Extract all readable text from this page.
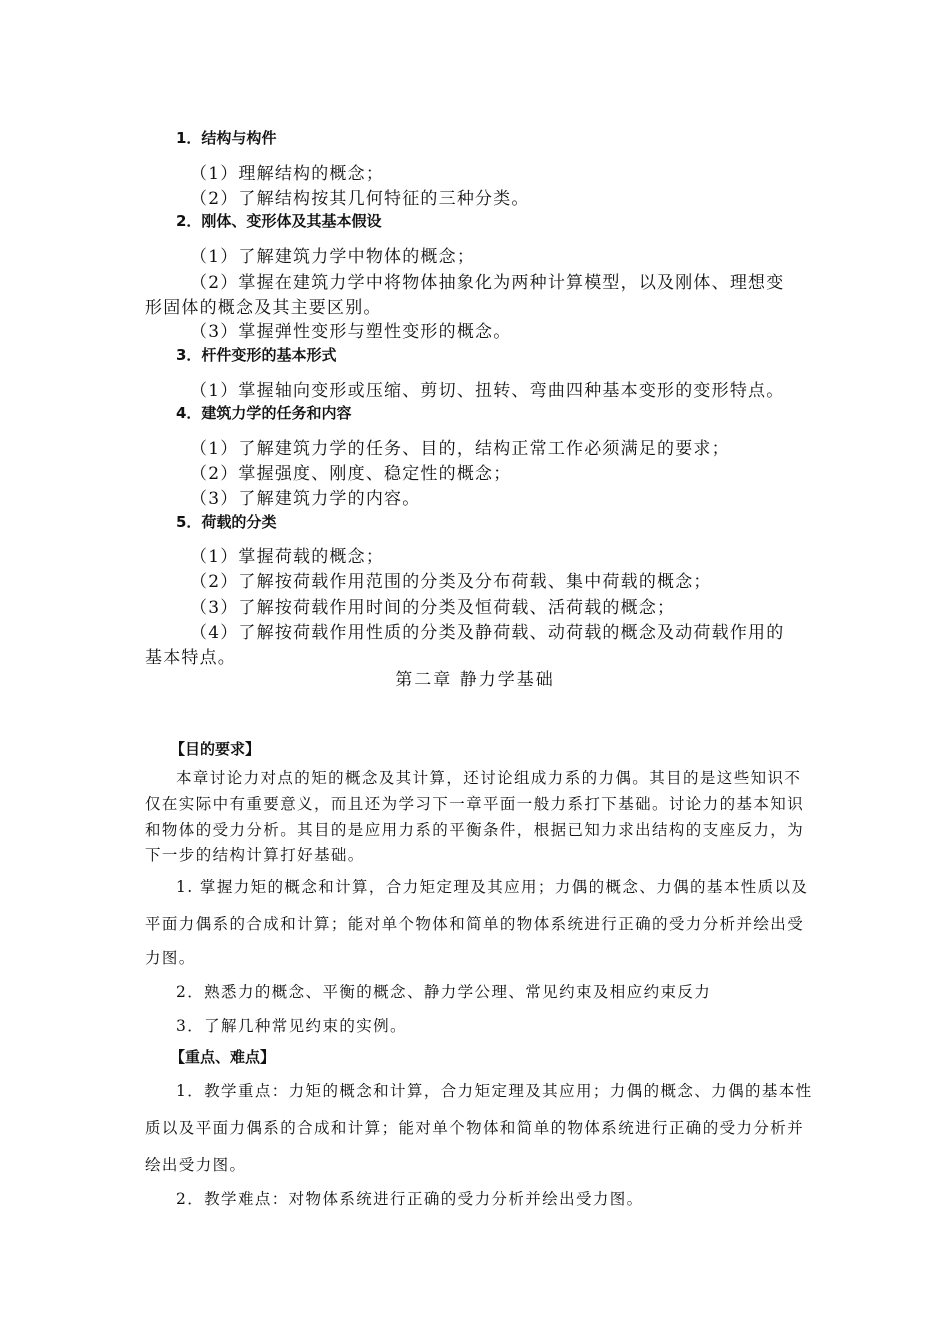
1．结构与构件
（1）理解结构的概念；
（2）了解结构按其几何特征的三种分类。
2．刚体、变形体及其基本假设
（1）了解建筑力学中物体的概念；
（2）掌握在建筑力学中将物体抽象化为两种计算模型，以及刚体、理想变
形固体的概念及其主要区别。
（3）掌握弹性变形与塑性变形的概念。
3．杆件变形的基本形式
（1）掌握轴向变形或压缩、剪切、扭转、弯曲四种基本变形的变形特点。
4．建筑力学的任务和内容
（1）了解建筑力学的任务、目的，结构正常工作必须满足的要求；
（2）掌握强度、刚度、稳定性的概念；
（3）了解建筑力学的内容。
5．荷载的分类
（1）掌握荷载的概念；
（2）了解按荷载作用范围的分类及分布荷载、集中荷载的概念；
（3）了解按荷载作用时间的分类及恒荷载、活荷载的概念；
（4）了解按荷载作用性质的分类及静荷载、动荷载的概念及动荷载作用的
基本特点。
第二章 静力学基础
【目的要求】
本章讨论力对点的矩的概念及其计算，还讨论组成力系的力偶。其目的是这些知识不
仅在实际中有重要意义，而且还为学习下一章平面一般力系打下基础。讨论力的基本知识
和物体的受力分析。其目的是应用力系的平衡条件，根据已知力求出结构的支座反力，为
下一步的结构计算打好基础。
1. 掌握力矩的概念和计算，合力矩定理及其应用；力偶的概念、力偶的基本性质以及
平面力偶系的合成和计算；能对单个物体和简单的物体系统进行正确的受力分析并绘出受
力图。
2．熟悉力的概念、平衡的概念、静力学公理、常见约束及相应约束反力
3．了解几种常见约束的实例。
【重点、难点】
1．教学重点：力矩的概念和计算，合力矩定理及其应用；力偶的概念、力偶的基本性
质以及平面力偶系的合成和计算；能对单个物体和简单的物体系统进行正确的受力分析并
绘出受力图。
2．教学难点：对物体系统进行正确的受力分析并绘出受力图。
